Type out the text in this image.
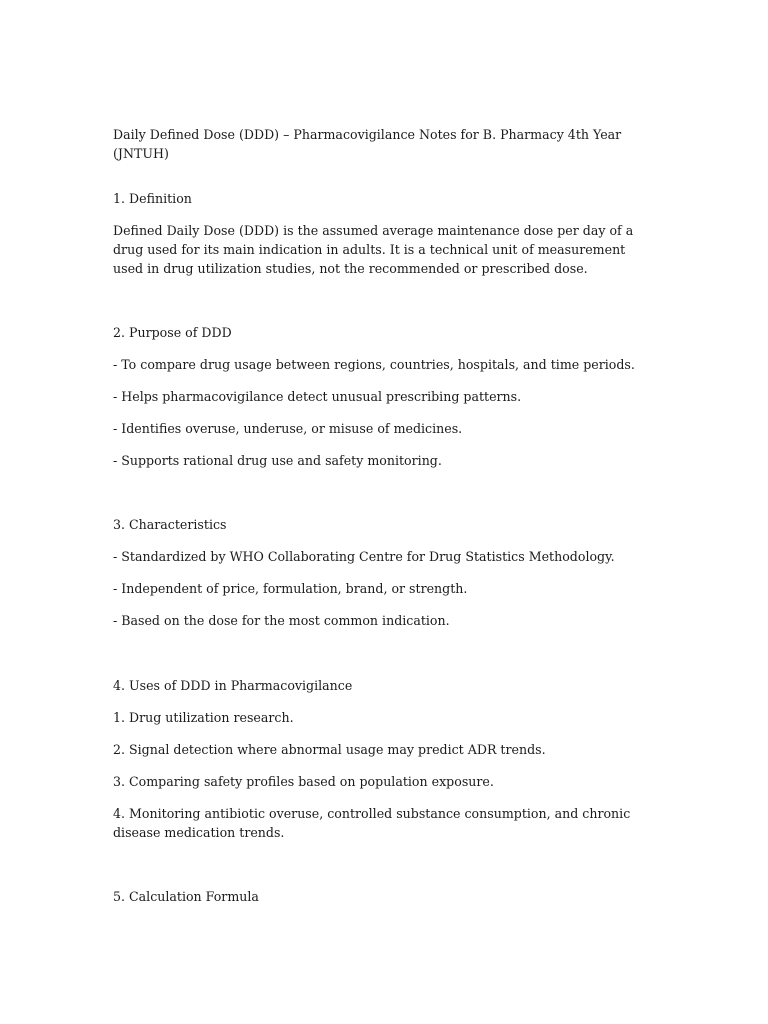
Daily Defined Dose (DDD) – Pharmacovigilance Notes for B. Pharmacy 4th Year (JNTUH)

1. Definition

Defined Daily Dose (DDD) is the assumed average maintenance dose per day of a drug used for its main indication in adults. It is a technical unit of measurement used in drug utilization studies, not the recommended or prescribed dose.

2. Purpose of DDD

- To compare drug usage between regions, countries, hospitals, and time periods.

- Helps pharmacovigilance detect unusual prescribing patterns.

- Identifies overuse, underuse, or misuse of medicines.

- Supports rational drug use and safety monitoring.

3. Characteristics

- Standardized by WHO Collaborating Centre for Drug Statistics Methodology.

- Independent of price, formulation, brand, or strength.

- Based on the dose for the most common indication.

4. Uses of DDD in Pharmacovigilance

1. Drug utilization research.

2. Signal detection where abnormal usage may predict ADR trends.

3. Comparing safety profiles based on population exposure.

4. Monitoring antibiotic overuse, controlled substance consumption, and chronic disease medication trends.

5. Calculation Formula
